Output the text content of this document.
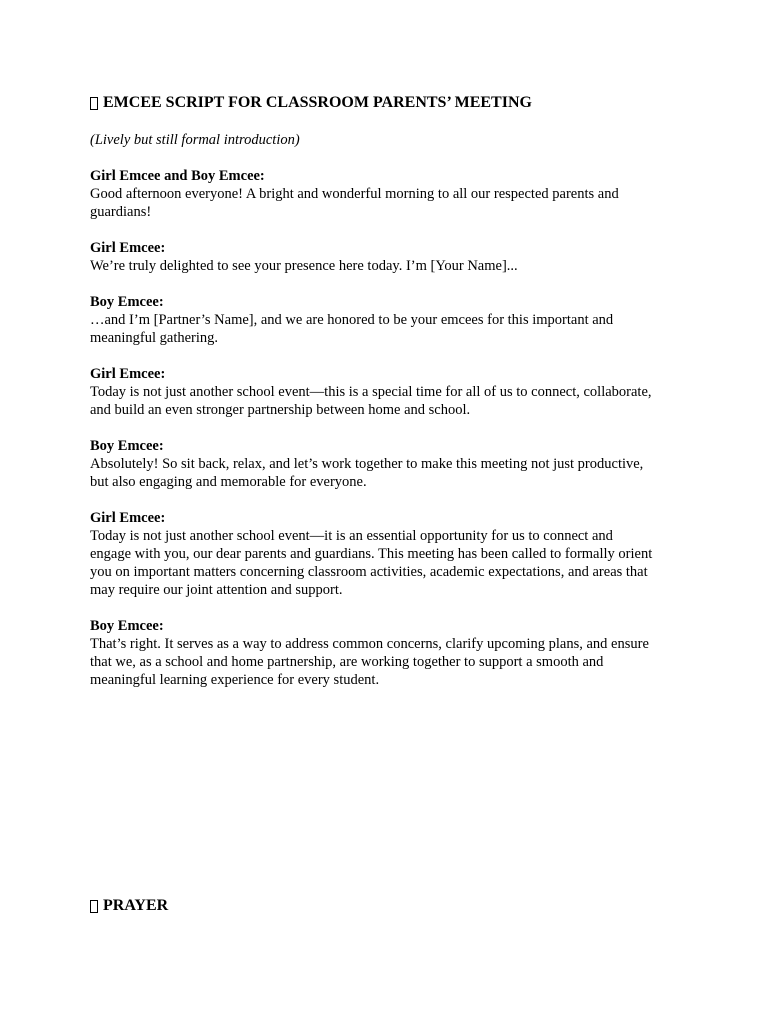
EMCEE SCRIPT FOR CLASSROOM PARENTS’ MEETING

(Lively but still formal introduction)

Girl Emcee and Boy Emcee:

Good afternoon everyone! A bright and wonderful morning to all our respected parents and

guardians!

Girl Emcee:

We’re truly delighted to see your presence here today. I’m [Your Name]...

Boy Emcee:

…and I’m [Partner’s Name], and we are honored to be your emcees for this important and

meaningful gathering.

Girl Emcee:

Today is not just another school event—this is a special time for all of us to connect, collaborate,

and build an even stronger partnership between home and school.

Boy Emcee:

Absolutely! So sit back, relax, and let’s work together to make this meeting not just productive,

but also engaging and memorable for everyone.

Girl Emcee:

Today is not just another school event—it is an essential opportunity for us to connect and

engage with you, our dear parents and guardians. This meeting has been called to formally orient

you on important matters concerning classroom activities, academic expectations, and areas that

may require our joint attention and support.

Boy Emcee:

That’s right. It serves as a way to address common concerns, clarify upcoming plans, and ensure

that we, as a school and home partnership, are working together to support a smooth and

meaningful learning experience for every student.

PRAYER
